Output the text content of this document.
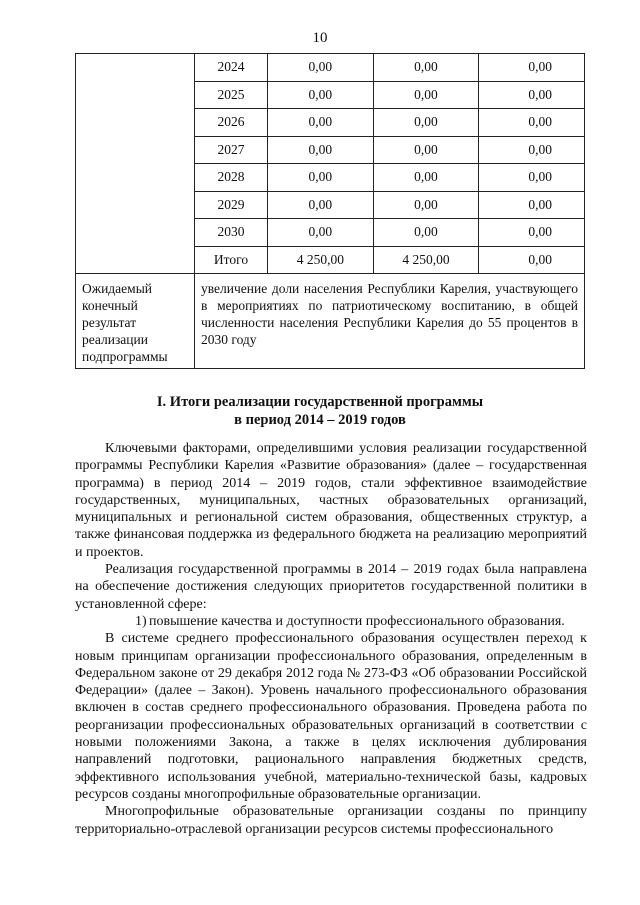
10
	2024	0,00	0,00	0,00
	2025	0,00	0,00	0,00
	2026	0,00	0,00	0,00
	2027	0,00	0,00	0,00
	2028	0,00	0,00	0,00
	2029	0,00	0,00	0,00
	2030	0,00	0,00	0,00
	Итого	4 250,00	4 250,00	0,00
Ожидаемый конечный результат реализации подпрограммы	увеличение доли населения Республики Карелия, участвующего в мероприятиях по патриотическому воспитанию, в общей численности населения Республики Карелия до 55 процентов в 2030 году			
I. Итоги реализации государственной программы
в период 2014 – 2019 годов

Ключевыми факторами, определившими условия реализации государственной программы Республики Карелия «Развитие образования» (далее – государственная программа) в период 2014 – 2019 годов, стали эффективное взаимодействие государственных, муниципальных, частных образовательных организаций, муниципальных и региональной систем образования, общественных структур, а также финансовая поддержка из федерального бюджета на реализацию мероприятий и проектов.

Реализация государственной программы в 2014 – 2019 годах была направлена на обеспечение достижения следующих приоритетов государственной политики в установленной сфере:

1) повышение качества и доступности профессионального образования.

В системе среднего профессионального образования осуществлен переход к новым принципам организации профессионального образования, определенным в Федеральном законе от 29 декабря 2012 года № 273-ФЗ «Об образовании Российской Федерации» (далее – Закон). Уровень начального профессионального образования включен в состав среднего профессионального образования. Проведена работа по реорганизации профессиональных образовательных организаций в соответствии с новыми положениями Закона, а также в целях исключения дублирования направлений подготовки, рационального направления бюджетных средств, эффективного использования учебной, материально-технической базы, кадровых ресурсов созданы многопрофильные образовательные организации.

Многопрофильные образовательные организации созданы по принципу территориально-отраслевой организации ресурсов системы профессионального
